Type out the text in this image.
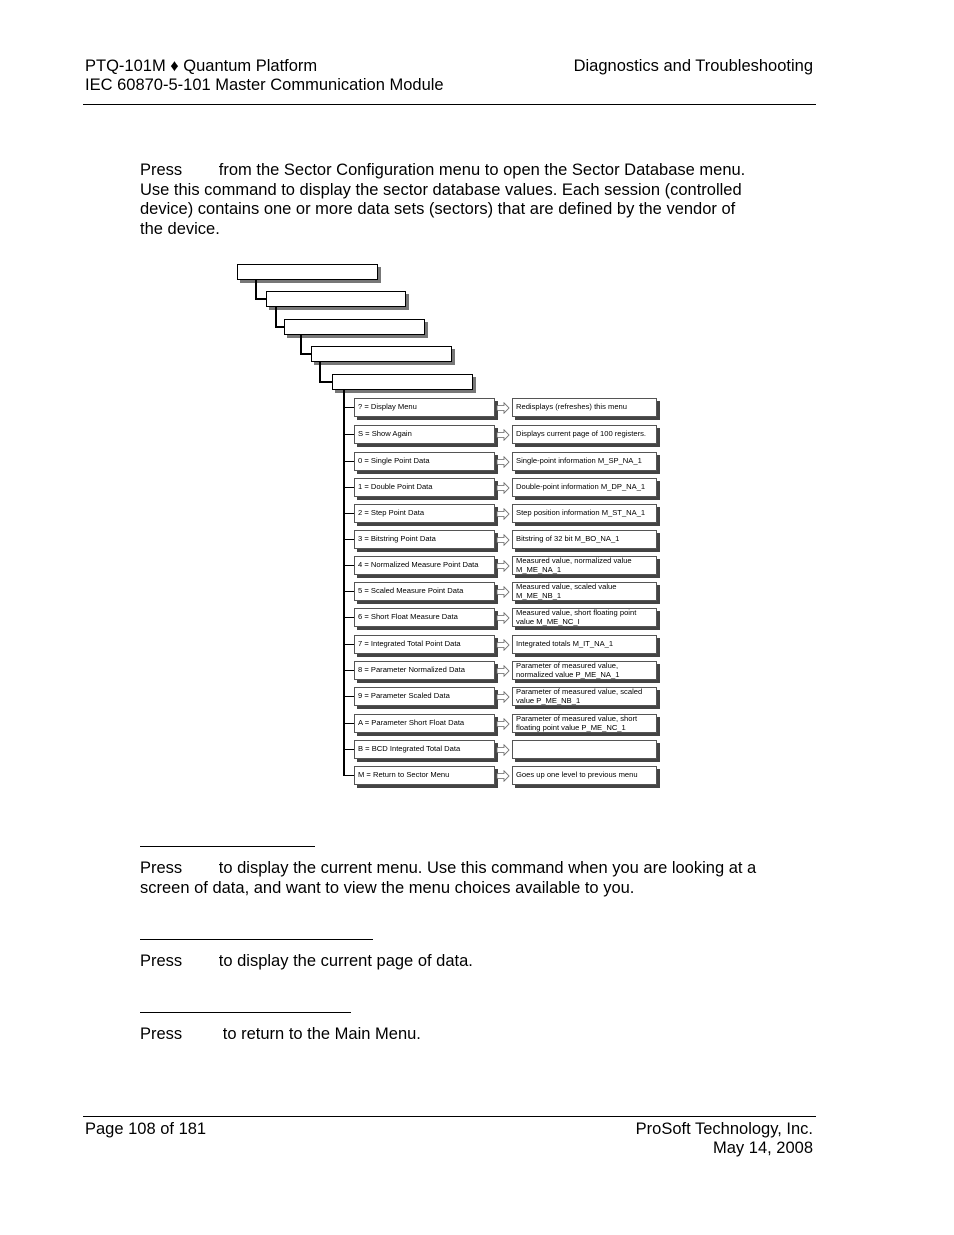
PTQ-101M ♦ Quantum Platform
IEC 60870-5-101 Master Communication Module
Diagnostics and Troubleshooting
Press from the Sector Configuration menu to open the Sector Database menu. Use this command to display the sector database values. Each session (controlled device) contains one or more data sets (sectors) that are defined by the vendor of the device.
? = Display Menu	Redisplays (refreshes) this menu
S = Show Again	Displays current page of 100 registers.
0 = Single Point Data	Single-point information M_SP_NA_1
1 = Double Point Data	Double-point information M_DP_NA_1
2 = Step Point Data	Step position information M_ST_NA_1
3 = Bitstring Point Data	Bitstring of 32 bit M_BO_NA_1
4 = Normalized Measure Point Data	Measured value, normalized value M_ME_NA_1
5 = Scaled Measure Point Data	Measured value, scaled value M_ME_NB_1
6 = Short Float Measure Data	Measured value, short floating point value M_ME_NC_I
7 = Integrated Total Point Data	Integrated totals M_IT_NA_1
8 = Parameter Normalized Data	Parameter of measured value, normalized value P_ME_NA_1
9 = Parameter Scaled Data	Parameter of measured value, scaled value P_ME_NB_1
A = Parameter Short Float Data	Parameter of measured value, short floating point value P_ME_NC_1
B = BCD Integrated Total Data
M = Return to Sector Menu	Goes up one level to previous menu
Press to display the current menu. Use this command when you are looking at a screen of data, and want to view the menu choices available to you.
Press to display the current page of data.
Press to return to the Main Menu.
Page 108 of 181	ProSoft Technology, Inc.
May 14, 2008
